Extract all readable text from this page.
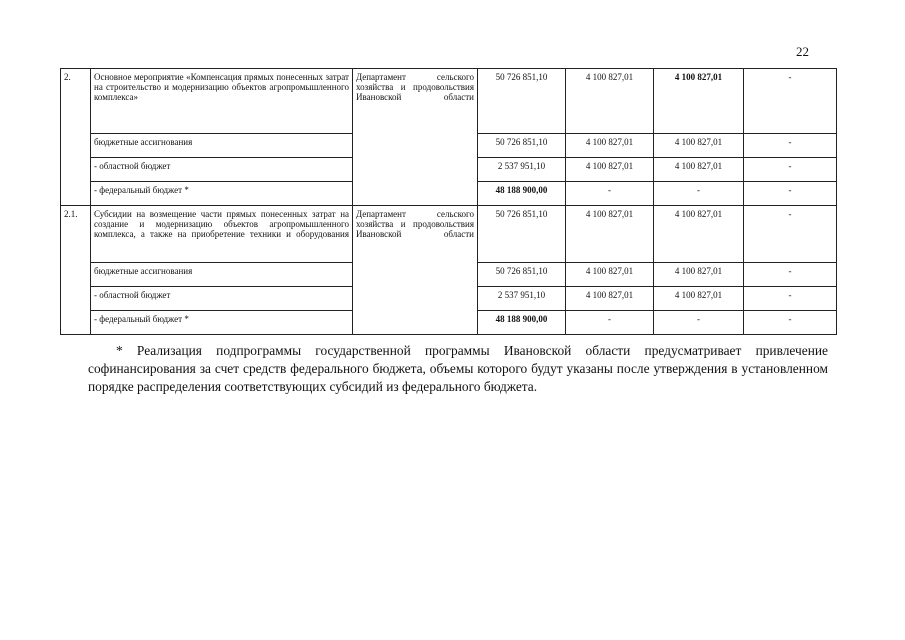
22
2.	Основное мероприятие «Компенсация прямых понесенных затрат на строительство и модернизацию объектов агропромышленного комплекса»	Департамент сельского хозяйства и продовольствия Ивановской области	50 726 851,10	4 100 827,01	4 100 827,01	-
	бюджетные ассигнования		50 726 851,10	4 100 827,01	4 100 827,01	-
	- областной бюджет		2 537 951,10	4 100 827,01	4 100 827,01	-
	- федеральный бюджет *		48 188 900,00	-	-	-
2.1.	Субсидии на возмещение части прямых понесенных затрат на создание и модернизацию объектов агропромышленного комплекса, а также на приобретение техники и оборудования	Департамент сельского хозяйства и продовольствия Ивановской области	50 726 851,10	4 100 827,01	4 100 827,01	-
	бюджетные ассигнования		50 726 851,10	4 100 827,01	4 100 827,01	-
	- областной бюджет		2 537 951,10	4 100 827,01	4 100 827,01	-
	- федеральный бюджет *		48 188 900,00	-	-	-
* Реализация подпрограммы государственной программы Ивановской области предусматривает привлечение софинансирования за счет средств федерального бюджета, объемы которого будут указаны после утверждения в установленном порядке распределения соответствующих субсидий из федерального бюджета.
